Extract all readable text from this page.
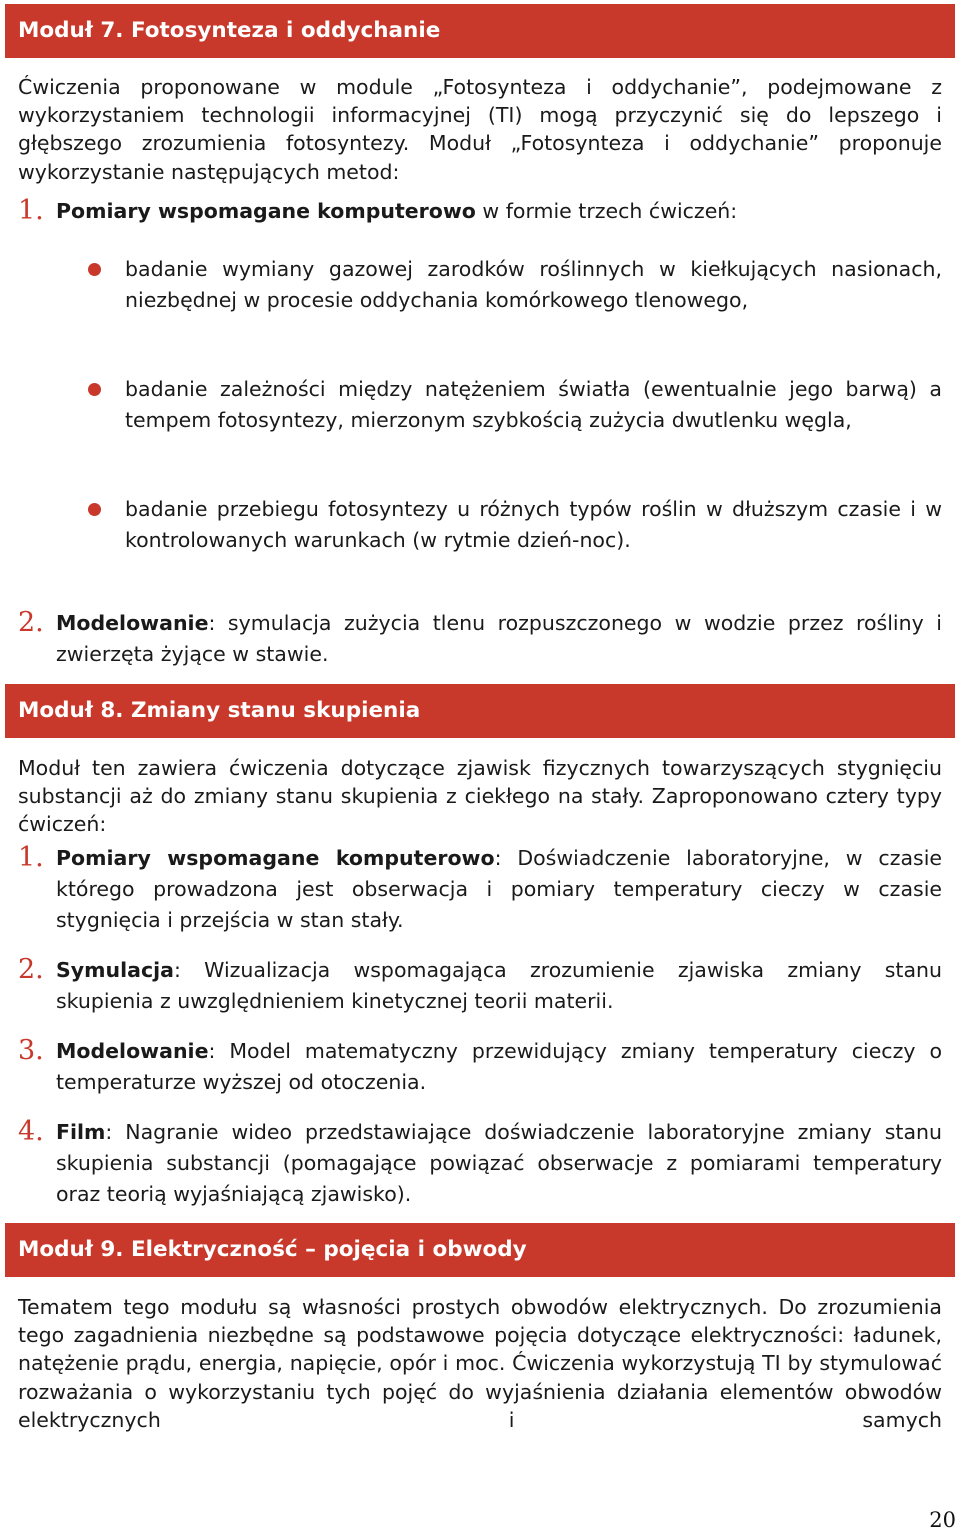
Moduł 7. Fotosynteza i oddychanie
Ćwiczenia proponowane w module „Fotosynteza i oddychanie”, podejmowane z wykorzystaniem technologii informacyjnej (TI) mogą przyczynić się do lepszego i głębszego zrozumienia fotosyntezy. Moduł „Fotosynteza i oddychanie” proponuje wykorzystanie następujących metod:
1. Pomiary wspomagane komputerowo w formie trzech ćwiczeń:
badanie wymiany gazowej zarodków roślinnych w kiełkujących nasionach, niezbędnej w procesie oddychania komórkowego tlenowego,
badanie zależności między natężeniem światła (ewentualnie jego barwą) a tempem fotosyntezy, mierzonym szybkością zużycia dwutlenku węgla,
badanie przebiegu fotosyntezy u różnych typów roślin w dłuższym czasie i w kontrolowanych warunkach (w rytmie dzień-noc).
2. Modelowanie: symulacja zużycia tlenu rozpuszczonego w wodzie przez rośliny i zwierzęta żyjące w stawie.
Moduł 8. Zmiany stanu skupienia
Moduł ten zawiera ćwiczenia dotyczące zjawisk fizycznych towarzyszących stygnięciu substancji aż do zmiany stanu skupienia z ciekłego na stały. Zaproponowano cztery typy ćwiczeń:
1. Pomiary wspomagane komputerowo: Doświadczenie laboratoryjne, w czasie którego prowadzona jest obserwacja i pomiary temperatury cieczy w czasie stygnięcia i przejścia w stan stały.
2. Symulacja: Wizualizacja wspomagająca zrozumienie zjawiska zmiany stanu skupienia z uwzględnieniem kinetycznej teorii materii.
3. Modelowanie: Model matematyczny przewidujący zmiany temperatury cieczy o temperaturze wyższej od otoczenia.
4. Film: Nagranie wideo przedstawiające doświadczenie laboratoryjne zmiany stanu skupienia substancji (pomagające powiązać obserwacje z pomiarami temperatury oraz teorią wyjaśniającą zjawisko).
Moduł 9. Elektryczność – pojęcia i obwody
Tematem tego modułu są własności prostych obwodów elektrycznych. Do zrozumienia tego zagadnienia niezbędne są podstawowe pojęcia dotyczące elektryczności: ładunek, natężenie prądu, energia, napięcie, opór i moc. Ćwiczenia wykorzystują TI by stymulować rozważania o wykorzystaniu tych pojęć do wyjaśnienia działania elementów obwodów elektrycznych i samych
20
